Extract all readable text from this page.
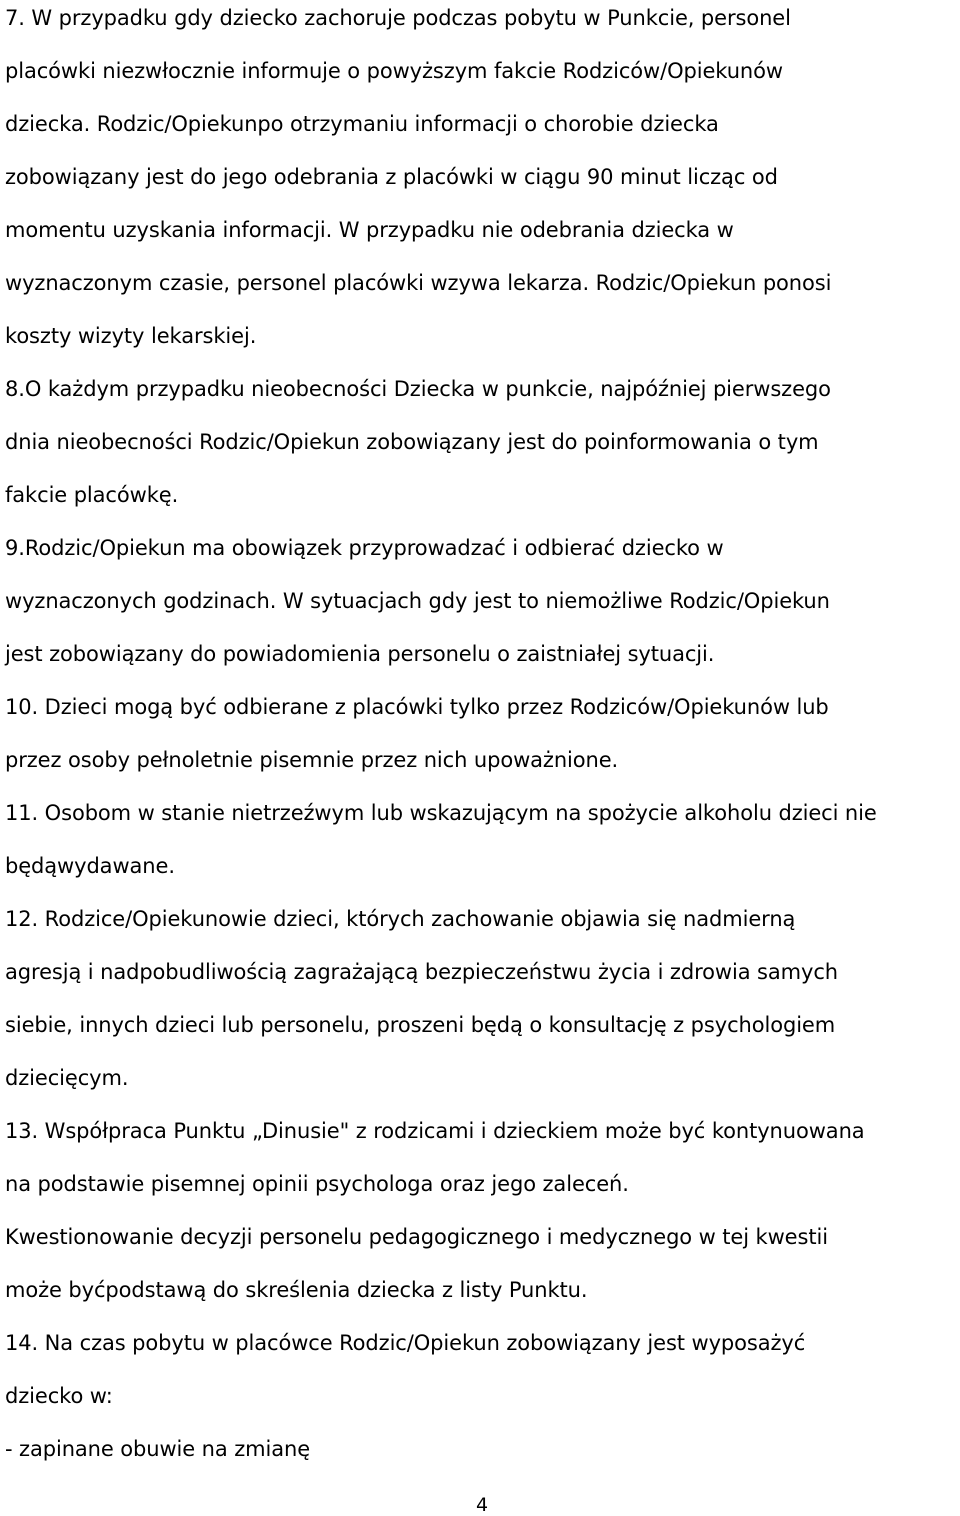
7. W przypadku gdy dziecko zachoruje podczas pobytu w Punkcie, personel
placówki niezwłocznie informuje o powyższym fakcie Rodziców/Opiekunów
dziecka. Rodzic/Opiekunpo otrzymaniu informacji o chorobie dziecka
zobowiązany jest do jego odebrania z placówki w ciągu 90 minut licząc od
momentu uzyskania informacji. W przypadku nie odebrania dziecka w
wyznaczonym czasie, personel placówki wzywa lekarza. Rodzic/Opiekun ponosi
koszty wizyty lekarskiej.
8.O każdym przypadku nieobecności Dziecka w punkcie, najpóźniej pierwszego
dnia nieobecności Rodzic/Opiekun zobowiązany jest do poinformowania o tym
fakcie placówkę.
9.Rodzic/Opiekun ma obowiązek przyprowadzać i odbierać dziecko w
wyznaczonych godzinach. W sytuacjach gdy jest to niemożliwe Rodzic/Opiekun
jest zobowiązany do powiadomienia personelu o zaistniałej sytuacji.
10. Dzieci mogą być odbierane z placówki tylko przez Rodziców/Opiekunów lub
przez osoby pełnoletnie pisemnie przez nich upoważnione.
11. Osobom w stanie nietrzeźwym lub wskazującym na spożycie alkoholu dzieci nie
będąwydawane.
12. Rodzice/Opiekunowie dzieci, których zachowanie objawia się nadmierną
agresją i nadpobudliwością zagrażającą bezpieczeństwu życia i zdrowia samych
siebie, innych dzieci lub personelu, proszeni będą o konsultację z psychologiem
dziecięcym.
13. Współpraca Punktu „Dinusie" z rodzicami i dzieckiem może być kontynuowana
na podstawie pisemnej opinii psychologa oraz jego zaleceń.
Kwestionowanie decyzji personelu pedagogicznego i medycznego w tej kwestii
może byćpodstawą do skreślenia dziecka z listy Punktu.
14. Na czas pobytu w placówce Rodzic/Opiekun zobowiązany jest wyposażyć
dziecko w:
- zapinane obuwie na zmianę
4
